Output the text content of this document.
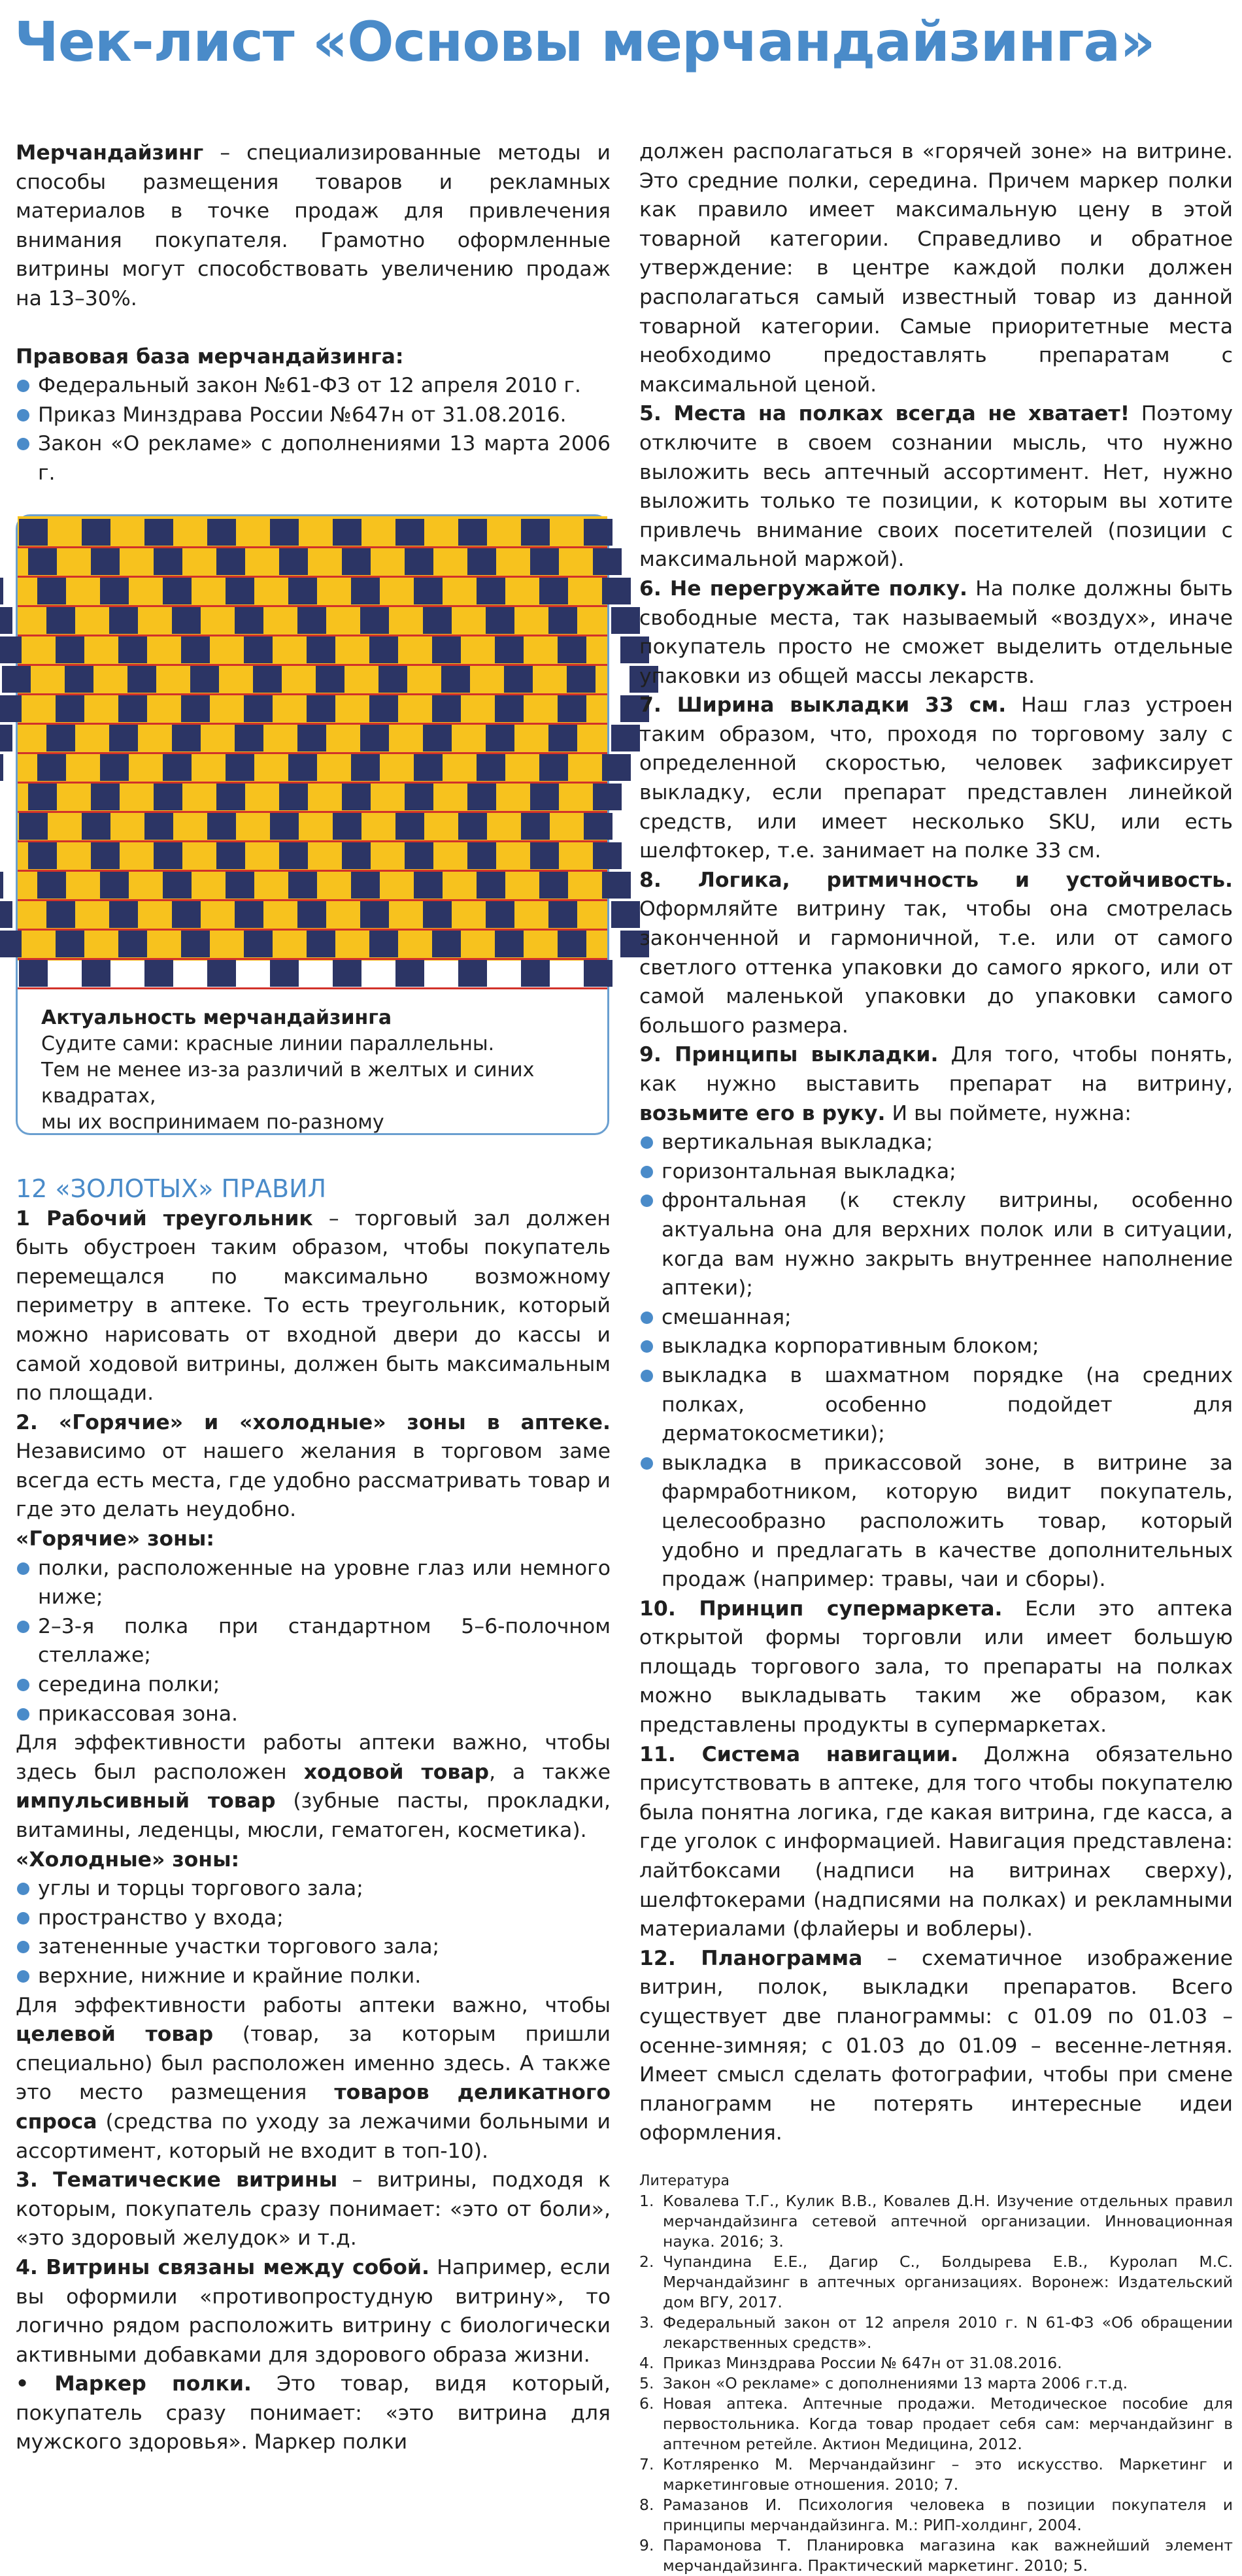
Чек-лист «Основы мерчандайзинга»

Мерчандайзинг – специализированные методы и способы размещения товаров и рекламных материалов в точке продаж для привлечения внимания покупателя. Грамотно оформленные витрины могут способствовать увеличению продаж на 13–30%.

Правовая база мерчандайзинга:

Федеральный закон №61-ФЗ от 12 апреля 2010 г.
Приказ Минздрава России №647н от 31.08.2016.
Закон «О рекламе» с дополнениями 13 марта 2006 г.
Актуальность мерчандайзинга
Судите сами: красные линии параллельны.
Тем не менее из-за различий в желтых и синих квадратах,
мы их воспринимаем по-разному
12 «ЗОЛОТЫХ» ПРАВИЛ

1 Рабочий треугольник – торговый зал должен быть обустроен таким образом, чтобы покупатель перемещался по максимально возможному периметру в аптеке. То есть треугольник, который можно нарисовать от входной двери до кассы и самой ходовой витрины, должен быть максимальным по площади.

2. «Горячие» и «холодные» зоны в аптеке. Независимо от нашего желания в торговом заме всегда есть места, где удобно рассматривать товар и где это делать неудобно.

«Горячие» зоны:

полки, расположенные на уровне глаз или немного ниже;
2–3-я полка при стандартном 5–6-полочном стеллаже;
середина полки;
прикассовая зона.

Для эффективности работы аптеки важно, чтобы здесь был расположен ходовой товар, а также импульсивный товар (зубные пасты, прокладки, витамины, леденцы, мюсли, гематоген, косметика).

«Холодные» зоны:

углы и торцы торгового зала;
пространство у входа;
затененные участки торгового зала;
верхние, нижние и крайние полки.

Для эффективности работы аптеки важно, чтобы целевой товар (товар, за которым пришли специально) был расположен именно здесь. А также это место размещения товаров деликатного спроса (средства по уходу за лежачими больными и ассортимент, который не входит в топ-10).

3. Тематические витрины – витрины, подходя к которым, покупатель сразу понимает: «это от боли», «это здоровый желудок» и т.д.

4. Витрины связаны между собой. Например, если вы оформили «противопростудную витрину», то логично рядом расположить витрину с биологически активными добавками для здорового образа жизни.

• Маркер полки. Это товар, видя который, покупатель сразу понимает: «это витрина для мужского здоровья». Маркер полки

должен располагаться в «горячей зоне» на витрине. Это средние полки, середина. Причем маркер полки как правило имеет максимальную цену в этой товарной категории. Справедливо и обратное утверждение: в центре каждой полки должен располагаться самый известный товар из данной товарной категории. Самые приоритетные места необходимо предоставлять препаратам с максимальной ценой.

5. Места на полках всегда не хватает! Поэтому отключите в своем сознании мысль, что нужно выложить весь аптечный ассортимент. Нет, нужно выложить только те позиции, к которым вы хотите привлечь внимание своих посетителей (позиции с максимальной маржой).

6. Не перегружайте полку. На полке должны быть свободные места, так называемый «воздух», иначе покупатель просто не сможет выделить отдельные упаковки из общей массы лекарств.

7. Ширина выкладки 33 см. Наш глаз устроен таким образом, что, проходя по торговому залу с определенной скоростью, человек зафиксирует выкладку, если препарат представлен линейкой средств, или имеет несколько SKU, или есть шелфтокер, т.е. занимает на полке 33 см.

8. Логика, ритмичность и устойчивость. Оформляйте витрину так, чтобы она смотрелась законченной и гармоничной, т.е. или от самого светлого оттенка упаковки до самого яркого, или от самой маленькой упаковки до упаковки самого большого размера.

9. Принципы выкладки. Для того, чтобы понять, как нужно выставить препарат на витрину, возьмите его в руку. И вы поймете, нужна:

вертикальная выкладка;
горизонтальная выкладка;
фронтальная (к стеклу витрины, особенно актуальна она для верхних полок или в ситуации, когда вам нужно закрыть внутреннее наполнение аптеки);
смешанная;
выкладка корпоративным блоком;
выкладка в шахматном порядке (на средних полках, особенно подойдет для дерматокосметики);
выкладка в прикассовой зоне, в витрине за фармработником, которую видит покупатель, целесообразно расположить товар, который удобно и предлагать в качестве дополнительных продаж (например: травы, чаи и сборы).

10. Принцип супермаркета. Если это аптека открытой формы торговли или имеет большую площадь торгового зала, то препараты на полках можно выкладывать таким же образом, как представлены продукты в супермаркетах.

11. Система навигации. Должна обязательно присутствовать в аптеке, для того чтобы покупателю была понятна логика, где какая витрина, где касса, а где уголок с информацией. Навигация представлена: лайтбоксами (надписи на витринах сверху), шелфтокерами (надписями на полках) и рекламными материалами (флайеры и воблеры).

12. Планограмма – схематичное изображение витрин, полок, выкладки препаратов. Всего существует две планограммы: с 01.09 по 01.03 – осенне-зимняя; с 01.03 до 01.09 – весенне-летняя. Имеет смысл сделать фотографии, чтобы при смене планограмм не потерять интересные идеи оформления.

Литература
1. Ковалева Т.Г., Кулик В.В., Ковалев Д.Н. Изучение отдельных правил мерчандайзинга сетевой аптечной организации. Инновационная наука. 2016; 3.
2. Чупандина Е.Е., Дагир С., Болдырева Е.В., Куролап М.С. Мерчандайзинг в аптечных организациях. Воронеж: Издательский дом ВГУ, 2017.
3. Федеральный закон от 12 апреля 2010 г. N 61-ФЗ «Об обращении лекарственных средств».
4. Приказ Минздрава России № 647н от 31.08.2016.
5. Закон «О рекламе» с дополнениями 13 марта 2006 г.т.д.
6. Новая аптека. Аптечные продажи. Методическое пособие для первостольника. Когда товар продает себя сам: мерчандайзинг в аптечном ретейле. Актион Медицина, 2012.
7. Котляренко М. Мерчандайзинг – это искусство. Маркетинг и маркетинговые отношения. 2010; 7.
8. Рамазанов И. Психология человека в позиции покупателя и принципы мерчандайзинга. М.: РИП-холдинг, 2004.
9. Парамонова Т. Планировка магазина как важнейший элемент мерчандайзинга. Практический маркетинг. 2010; 5.
